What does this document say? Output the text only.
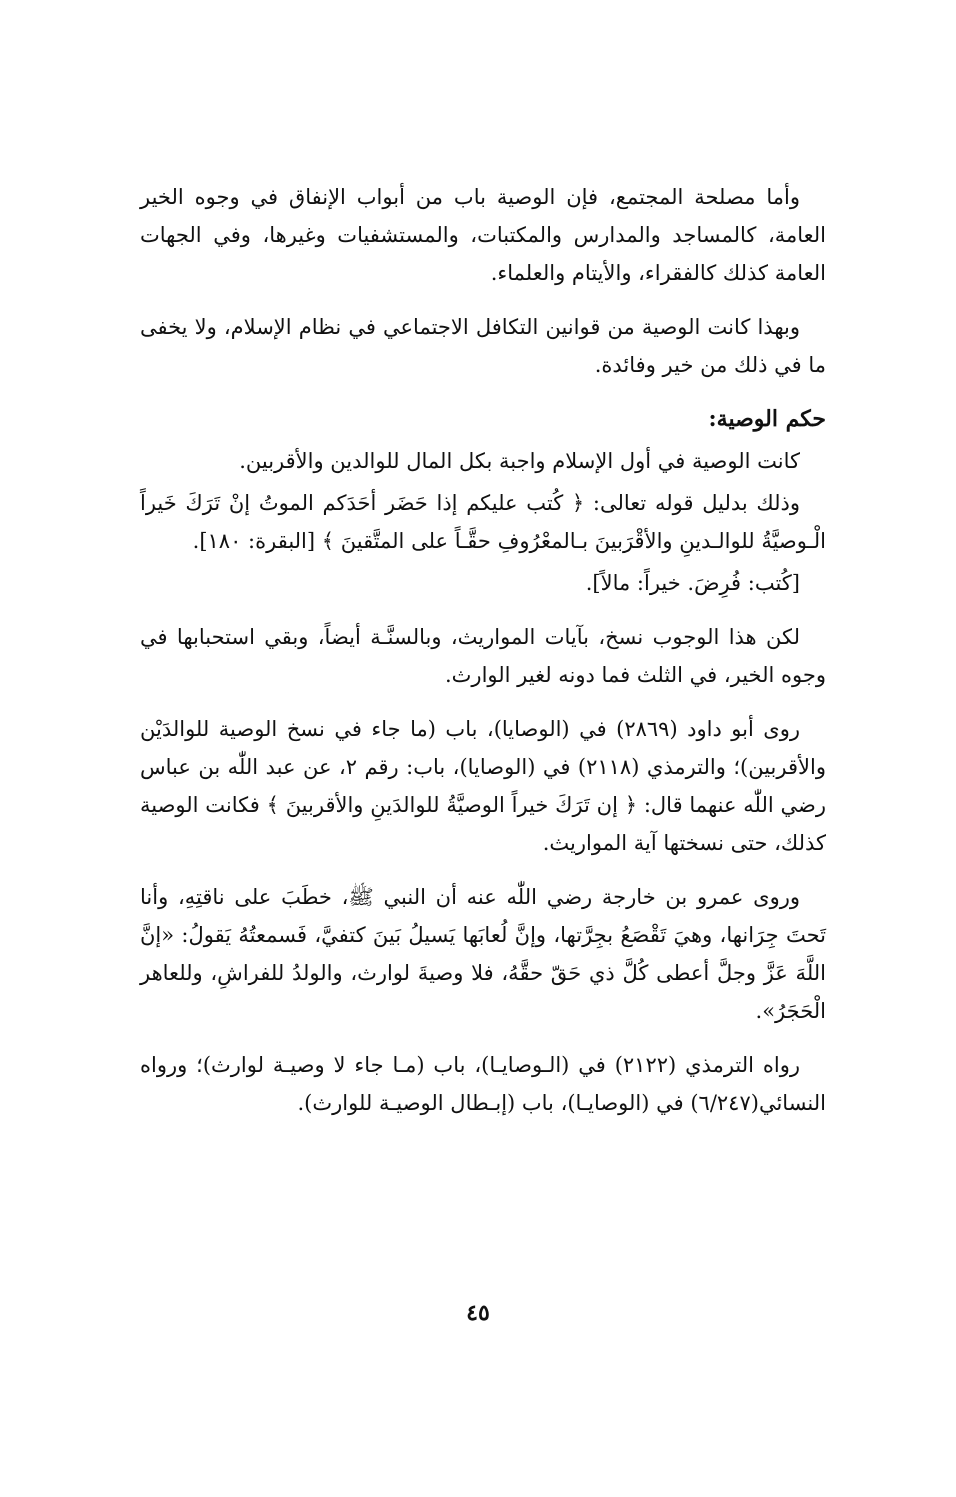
وأما مصلحة المجتمع، فإن الوصية باب من أبواب الإنفاق في وجوه الخير العامة، كالمساجد والمدارس والمكتبات، والمستشفيات وغيرها، وفي الجهات العامة كذلك كالفقراء، والأيتام والعلماء.

وبهذا كانت الوصية من قوانين التكافل الاجتماعي في نظام الإسلام، ولا يخفى ما في ذلك من خير وفائدة.

حكم الوصية:

كانت الوصية في أول الإسلام واجبة بكل المال للوالدين والأقربين.

وذلك بدليل قوله تعالى: ﴿ كُتب عليكم إذا حَضَر أحَدَكم الموتُ إنْ تَرَكَ خَيراً الْـوصيَّةُ للوالـدينِ والأقْرَبينَ بـالمعْرُوفِ حقَّـاً على المتَّقينَ ﴾ [البقرة: ١٨٠].

[كُتب: فُرِضَ. خيراً: مالاً].

لكن هذا الوجوب نسخ، بآيات المواريث، وبالسنَّـة أيضاً، وبقي استحبابها في وجوه الخير، في الثلث فما دونه لغير الوارث.

روى أبو داود (٢٨٦٩) في (الوصايا)، باب (ما جاء في نسخ الوصية للوالدَيْن والأقربين)؛ والترمذي (٢١١٨) في (الوصايا)، باب: رقم ٢، عن عبد اللّٰه بن عباس رضي اللّٰه عنهما قال: ﴿ إن تَرَكَ خيراً الوصيَّةُ للوالدَينِ والأقربينَ ﴾ فكانت الوصية كذلك، حتى نسختها آية المواريث.

وروى عمرو بن خارجة رضي اللّٰه عنه أن النبي ﷺ، خطَبَ على ناقتِهِ، وأنا تَحتَ جِرَانها، وهيَ تَقْصَعُ بجِرَّتها، وإنَّ لُعابَها يَسيلُ بَينَ كتفيَّ، فَسمعتُهُ يَقولُ: «إنَّ اللَّهَ عَزَّ وجلَّ أعطى كُلَّ ذي حَقّ حقَّهُ، فلا وصيةَ لوارث، والولدُ للفراشِ، وللعاهر الْحَجَرُ».

رواه الترمذي (٢١٢٢) في (الـوصايـا)، باب (مـا جاء لا وصيـة لوارث)؛ ورواه النسائي(٦/٢٤٧) في (الوصايـا)، باب (إبـطال الوصيـة للوارث).

٤٥
